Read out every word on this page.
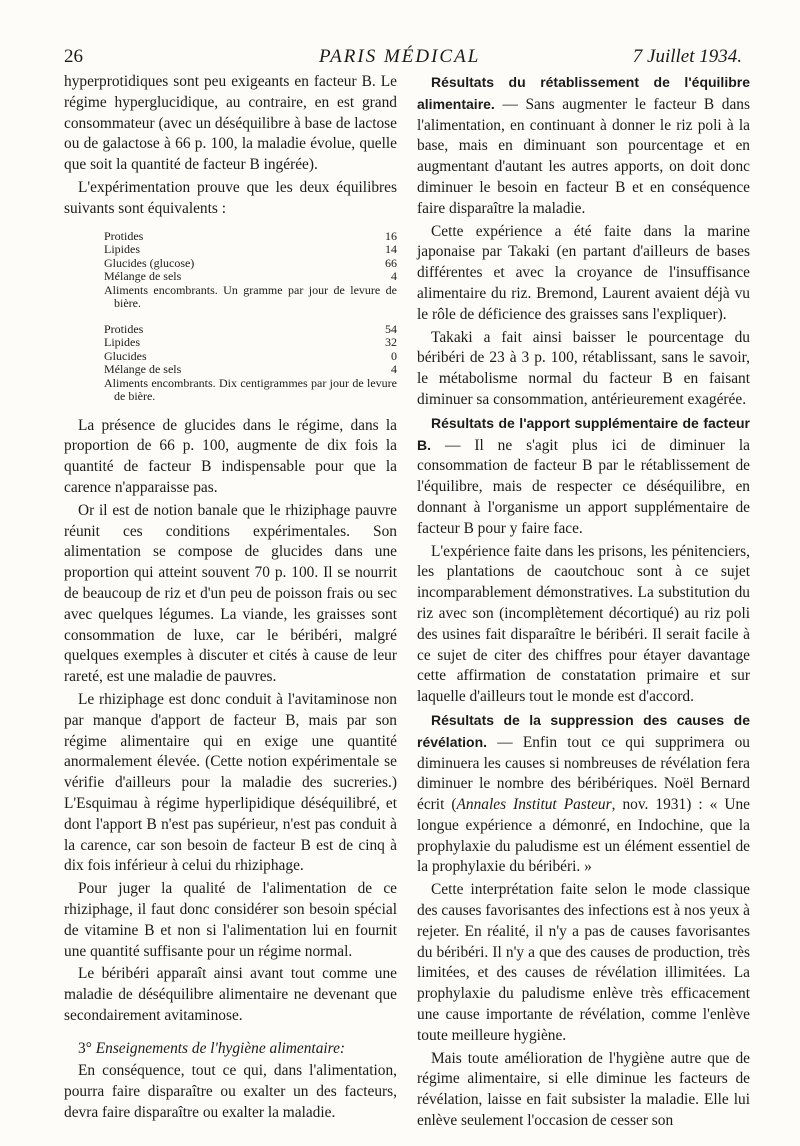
26	PARIS MÉDICAL	7 Juillet 1934.

hyperprotidiques sont peu exigeants en facteur B. Le régime hyperglucidique, au contraire, en est grand consommateur (avec un déséquilibre à base de lactose ou de galactose à 66 p. 100, la maladie évolue, quelle que soit la quantité de facteur B ingérée).

L'expérimentation prouve que les deux équilibres suivants sont équivalents :

Protides	16
Lipides	14
Glucides (glucose)	66
Mélange de sels	4
Aliments encombrants. Un gramme par jour de levure de bière.
Protides	54
Lipides	32
Glucides	0
Mélange de sels	4
Aliments encombrants. Dix centigrammes par jour de levure de bière.

La présence de glucides dans le régime, dans la proportion de 66 p. 100, augmente de dix fois la quantité de facteur B indispensable pour que la carence n'apparaisse pas.

Or il est de notion banale que le rhiziphage pauvre réunit ces conditions expérimentales. Son alimentation se compose de glucides dans une proportion qui atteint souvent 70 p. 100. Il se nourrit de beaucoup de riz et d'un peu de poisson frais ou sec avec quelques légumes. La viande, les graisses sont consommation de luxe, car le béribéri, malgré quelques exemples à discuter et cités à cause de leur rareté, est une maladie de pauvres.

Le rhiziphage est donc conduit à l'avitaminose non par manque d'apport de facteur B, mais par son régime alimentaire qui en exige une quantité anormalement élevée. (Cette notion expérimentale se vérifie d'ailleurs pour la maladie des sucreries.) L'Esquimau à régime hyperlipidique déséquilibré, et dont l'apport B n'est pas supérieur, n'est pas conduit à la carence, car son besoin de facteur B est de cinq à dix fois inférieur à celui du rhiziphage.

Pour juger la qualité de l'alimentation de ce rhiziphage, il faut donc considérer son besoin spécial de vitamine B et non si l'alimentation lui en fournit une quantité suffisante pour un régime normal.

Le béribéri apparaît ainsi avant tout comme une maladie de déséquilibre alimentaire ne devenant que secondairement avitaminose.

3° Enseignements de l'hygiène alimentaire:

En conséquence, tout ce qui, dans l'alimentation, pourra faire disparaître ou exalter un des facteurs, devra faire disparaître ou exalter la maladie.

Résultats du rétablissement de l'équilibre alimentaire. — Sans augmenter le facteur B dans l'alimentation, en continuant à donner le riz poli à la base, mais en diminuant son pourcentage et en augmentant d'autant les autres apports, on doit donc diminuer le besoin en facteur B et en conséquence faire disparaître la maladie.

Cette expérience a été faite dans la marine japonaise par Takaki (en partant d'ailleurs de bases différentes et avec la croyance de l'insuffisance alimentaire du riz. Bremond, Laurent avaient déjà vu le rôle de déficience des graisses sans l'expliquer).

Takaki a fait ainsi baisser le pourcentage du béribéri de 23 à 3 p. 100, rétablissant, sans le savoir, le métabolisme normal du facteur B en faisant diminuer sa consommation, antérieurement exagérée.

Résultats de l'apport supplémentaire de facteur B. — Il ne s'agit plus ici de diminuer la consommation de facteur B par le rétablissement de l'équilibre, mais de respecter ce déséquilibre, en donnant à l'organisme un apport supplémentaire de facteur B pour y faire face.

L'expérience faite dans les prisons, les pénitenciers, les plantations de caoutchouc sont à ce sujet incomparablement démonstratives. La substitution du riz avec son (incomplètement décortiqué) au riz poli des usines fait disparaître le béribéri. Il serait facile à ce sujet de citer des chiffres pour étayer davantage cette affirmation de constatation primaire et sur laquelle d'ailleurs tout le monde est d'accord.

Résultats de la suppression des causes de révélation. — Enfin tout ce qui supprimera ou diminuera les causes si nombreuses de révélation fera diminuer le nombre des béribériques. Noël Bernard écrit (Annales Institut Pasteur, nov. 1931) : « Une longue expérience a démonré, en Indochine, que la prophylaxie du paludisme est un élément essentiel de la prophylaxie du béribéri. »

Cette interprétation faite selon le mode classique des causes favorisantes des infections est à nos yeux à rejeter. En réalité, il n'y a pas de causes favorisantes du béribéri. Il n'y a que des causes de production, très limitées, et des causes de révélation illimitées. La prophylaxie du paludisme enlève très efficacement une cause importante de révélation, comme l'enlève toute meilleure hygiène.

Mais toute amélioration de l'hygiène autre que de régime alimentaire, si elle diminue les facteurs de révélation, laisse en fait subsister la maladie. Elle lui enlève seulement l'occasion de cesser son
